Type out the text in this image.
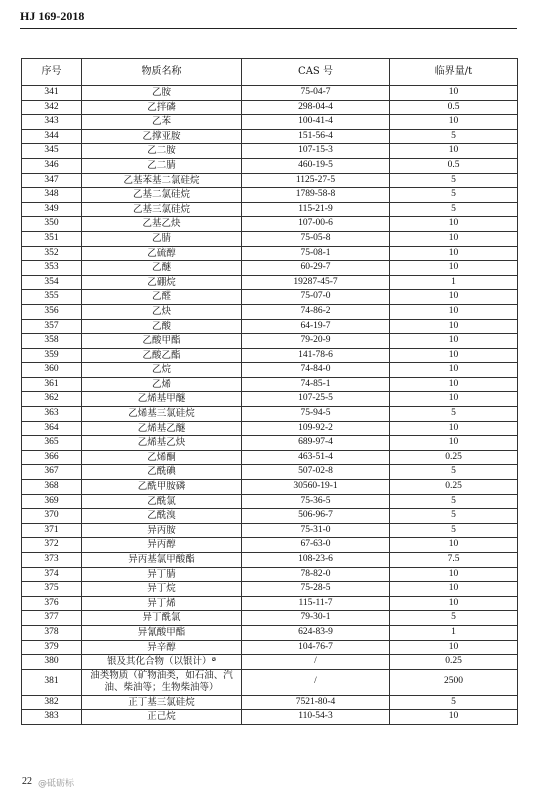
HJ 169-2018
序号	物质名称	CAS 号	临界量/t
341	乙胺	75-04-7	10
342	乙拌磷	298-04-4	0.5
343	乙苯	100-41-4	10
344	乙撑亚胺	151-56-4	5
345	乙二胺	107-15-3	10
346	乙二腈	460-19-5	0.5
347	乙基苯基二氯硅烷	1125-27-5	5
348	乙基二氯硅烷	1789-58-8	5
349	乙基三氯硅烷	115-21-9	5
350	乙基乙炔	107-00-6	10
351	乙腈	75-05-8	10
352	乙硫醇	75-08-1	10
353	乙醚	60-29-7	10
354	乙硼烷	19287-45-7	1
355	乙醛	75-07-0	10
356	乙炔	74-86-2	10
357	乙酸	64-19-7	10
358	乙酸甲酯	79-20-9	10
359	乙酸乙酯	141-78-6	10
360	乙烷	74-84-0	10
361	乙烯	74-85-1	10
362	乙烯基甲醚	107-25-5	10
363	乙烯基三氯硅烷	75-94-5	5
364	乙烯基乙醚	109-92-2	10
365	乙烯基乙炔	689-97-4	10
366	乙烯酮	463-51-4	0.25
367	乙酰碘	507-02-8	5
368	乙酰甲胺磷	30560-19-1	0.25
369	乙酰氯	75-36-5	5
370	乙酰溴	506-96-7	5
371	异丙胺	75-31-0	5
372	异丙醇	67-63-0	10
373	异丙基氯甲酸酯	108-23-6	7.5
374	异丁腈	78-82-0	10
375	异丁烷	75-28-5	10
376	异丁烯	115-11-7	10
377	异丁酰氯	79-30-1	5
378	异氰酸甲酯	624-83-9	1
379	异辛醇	104-76-7	10
380	银及其化合物（以银计）ª	/	0.25
381	油类物质（矿物油类，如石油、汽油、柴油等；生物柴油等）	/	2500
382	正丁基三氯硅烷	7521-80-4	5
383	正己烷	110-54-3	10
22 @砥砺标
